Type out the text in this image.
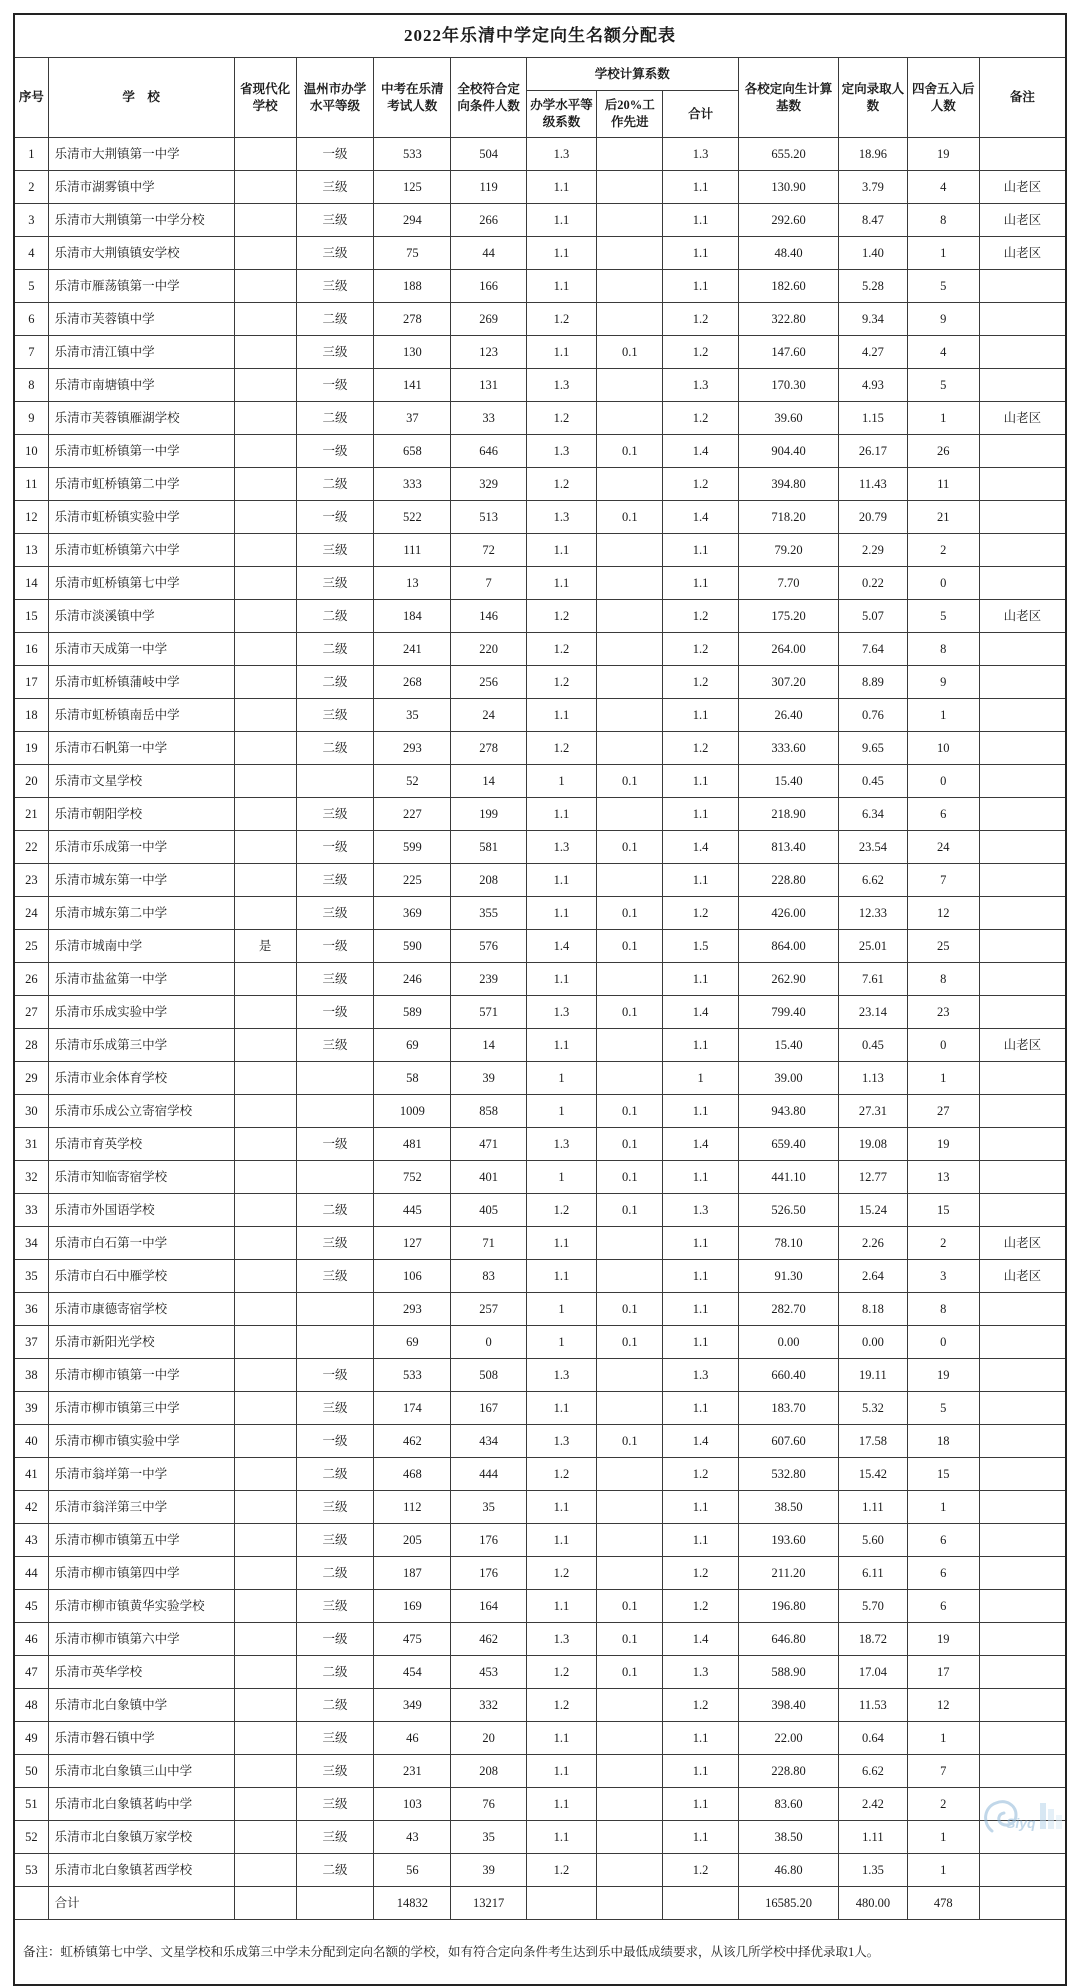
2022年乐清中学定向生名额分配表												
序号	学　校	省现代化学校	温州市办学水平等级	中考在乐清考试人数	全校符合定向条件人数	学校计算系数			各校定向生计算基数	定向录取人数	四舍五入后人数	备注
						办学水平等级系数	后20%工作先进	合计				
1	乐清市大荆镇第一中学		一级	533	504	1.3		1.3	655.20	18.96	19	
2	乐清市湖雾镇中学		三级	125	119	1.1		1.1	130.90	3.79	4	山老区
3	乐清市大荆镇第一中学分校		三级	294	266	1.1		1.1	292.60	8.47	8	山老区
4	乐清市大荆镇镇安学校		三级	75	44	1.1		1.1	48.40	1.40	1	山老区
5	乐清市雁荡镇第一中学		三级	188	166	1.1		1.1	182.60	5.28	5	
6	乐清市芙蓉镇中学		二级	278	269	1.2		1.2	322.80	9.34	9	
7	乐清市清江镇中学		三级	130	123	1.1	0.1	1.2	147.60	4.27	4	
8	乐清市南塘镇中学		一级	141	131	1.3		1.3	170.30	4.93	5	
9	乐清市芙蓉镇雁湖学校		二级	37	33	1.2		1.2	39.60	1.15	1	山老区
10	乐清市虹桥镇第一中学		一级	658	646	1.3	0.1	1.4	904.40	26.17	26	
11	乐清市虹桥镇第二中学		二级	333	329	1.2		1.2	394.80	11.43	11	
12	乐清市虹桥镇实验中学		一级	522	513	1.3	0.1	1.4	718.20	20.79	21	
13	乐清市虹桥镇第六中学		三级	111	72	1.1		1.1	79.20	2.29	2	
14	乐清市虹桥镇第七中学		三级	13	7	1.1		1.1	7.70	0.22	0	
15	乐清市淡溪镇中学		二级	184	146	1.2		1.2	175.20	5.07	5	山老区
16	乐清市天成第一中学		二级	241	220	1.2		1.2	264.00	7.64	8	
17	乐清市虹桥镇蒲岐中学		二级	268	256	1.2		1.2	307.20	8.89	9	
18	乐清市虹桥镇南岳中学		三级	35	24	1.1		1.1	26.40	0.76	1	
19	乐清市石帆第一中学		二级	293	278	1.2		1.2	333.60	9.65	10	
20	乐清市文星学校			52	14	1	0.1	1.1	15.40	0.45	0	
21	乐清市朝阳学校		三级	227	199	1.1		1.1	218.90	6.34	6	
22	乐清市乐成第一中学		一级	599	581	1.3	0.1	1.4	813.40	23.54	24	
23	乐清市城东第一中学		三级	225	208	1.1		1.1	228.80	6.62	7	
24	乐清市城东第二中学		三级	369	355	1.1	0.1	1.2	426.00	12.33	12	
25	乐清市城南中学	是	一级	590	576	1.4	0.1	1.5	864.00	25.01	25	
26	乐清市盐盆第一中学		三级	246	239	1.1		1.1	262.90	7.61	8	
27	乐清市乐成实验中学		一级	589	571	1.3	0.1	1.4	799.40	23.14	23	
28	乐清市乐成第三中学		三级	69	14	1.1		1.1	15.40	0.45	0	山老区
29	乐清市业余体育学校			58	39	1		1	39.00	1.13	1	
30	乐清市乐成公立寄宿学校			1009	858	1	0.1	1.1	943.80	27.31	27	
31	乐清市育英学校		一级	481	471	1.3	0.1	1.4	659.40	19.08	19	
32	乐清市知临寄宿学校			752	401	1	0.1	1.1	441.10	12.77	13	
33	乐清市外国语学校		二级	445	405	1.2	0.1	1.3	526.50	15.24	15	
34	乐清市白石第一中学		三级	127	71	1.1		1.1	78.10	2.26	2	山老区
35	乐清市白石中雁学校		三级	106	83	1.1		1.1	91.30	2.64	3	山老区
36	乐清市康德寄宿学校			293	257	1	0.1	1.1	282.70	8.18	8	
37	乐清市新阳光学校			69	0	1	0.1	1.1	0.00	0.00	0	
38	乐清市柳市镇第一中学		一级	533	508	1.3		1.3	660.40	19.11	19	
39	乐清市柳市镇第三中学		三级	174	167	1.1		1.1	183.70	5.32	5	
40	乐清市柳市镇实验中学		一级	462	434	1.3	0.1	1.4	607.60	17.58	18	
41	乐清市翁垟第一中学		二级	468	444	1.2		1.2	532.80	15.42	15	
42	乐清市翁洋第三中学		三级	112	35	1.1		1.1	38.50	1.11	1	
43	乐清市柳市镇第五中学		三级	205	176	1.1		1.1	193.60	5.60	6	
44	乐清市柳市镇第四中学		二级	187	176	1.2		1.2	211.20	6.11	6	
45	乐清市柳市镇黄华实验学校		三级	169	164	1.1	0.1	1.2	196.80	5.70	6	
46	乐清市柳市镇第六中学		一级	475	462	1.3	0.1	1.4	646.80	18.72	19	
47	乐清市英华学校		二级	454	453	1.2	0.1	1.3	588.90	17.04	17	
48	乐清市北白象镇中学		二级	349	332	1.2		1.2	398.40	11.53	12	
49	乐清市磐石镇中学		三级	46	20	1.1		1.1	22.00	0.64	1	
50	乐清市北白象镇三山中学		三级	231	208	1.1		1.1	228.80	6.62	7	
51	乐清市北白象镇茗屿中学		三级	103	76	1.1		1.1	83.60	2.42	2	
52	乐清市北白象镇万家学校		三级	43	35	1.1		1.1	38.50	1.11	1	
53	乐清市北白象镇茗西学校		二级	56	39	1.2		1.2	46.80	1.35	1	
	合计			14832	13217				16585.20	480.00	478	
备注：虹桥镇第七中学、文星学校和乐成第三中学未分配到定向名额的学校，如有符合定向条件考生达到乐中最低成绩要求，从该几所学校中择优录取1人。												
Siyq
